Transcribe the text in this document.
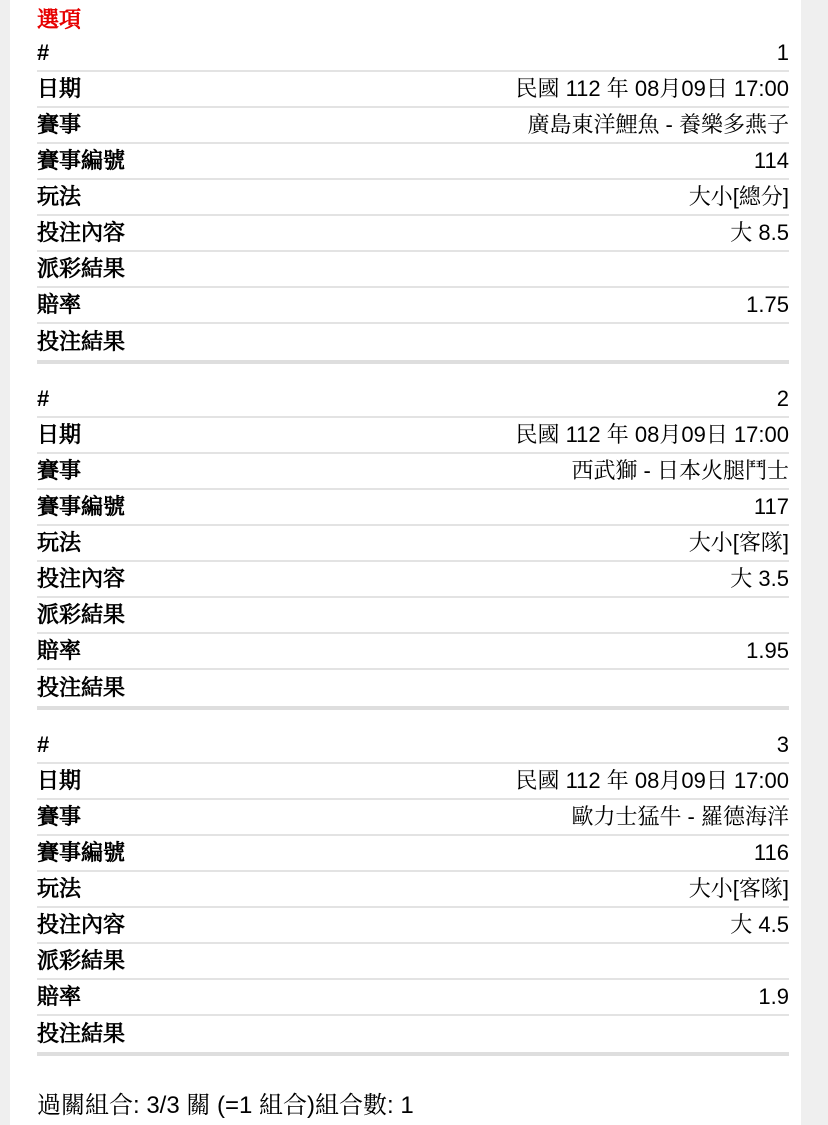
選項
#	1
日期	民國 112 年 08月09日 17:00
賽事	廣島東洋鯉魚 - 養樂多燕子
賽事編號	114
玩法	大小[總分]
投注內容	大 8.5
派彩結果
賠率	1.75
投注結果
#	2
日期	民國 112 年 08月09日 17:00
賽事	西武獅 - 日本火腿鬥士
賽事編號	117
玩法	大小[客隊]
投注內容	大 3.5
派彩結果
賠率	1.95
投注結果
#	3
日期	民國 112 年 08月09日 17:00
賽事	歐力士猛牛 - 羅德海洋
賽事編號	116
玩法	大小[客隊]
投注內容	大 4.5
派彩結果
賠率	1.9
投注結果
過關組合: 3/3 關 (=1 組合)組合數: 1
